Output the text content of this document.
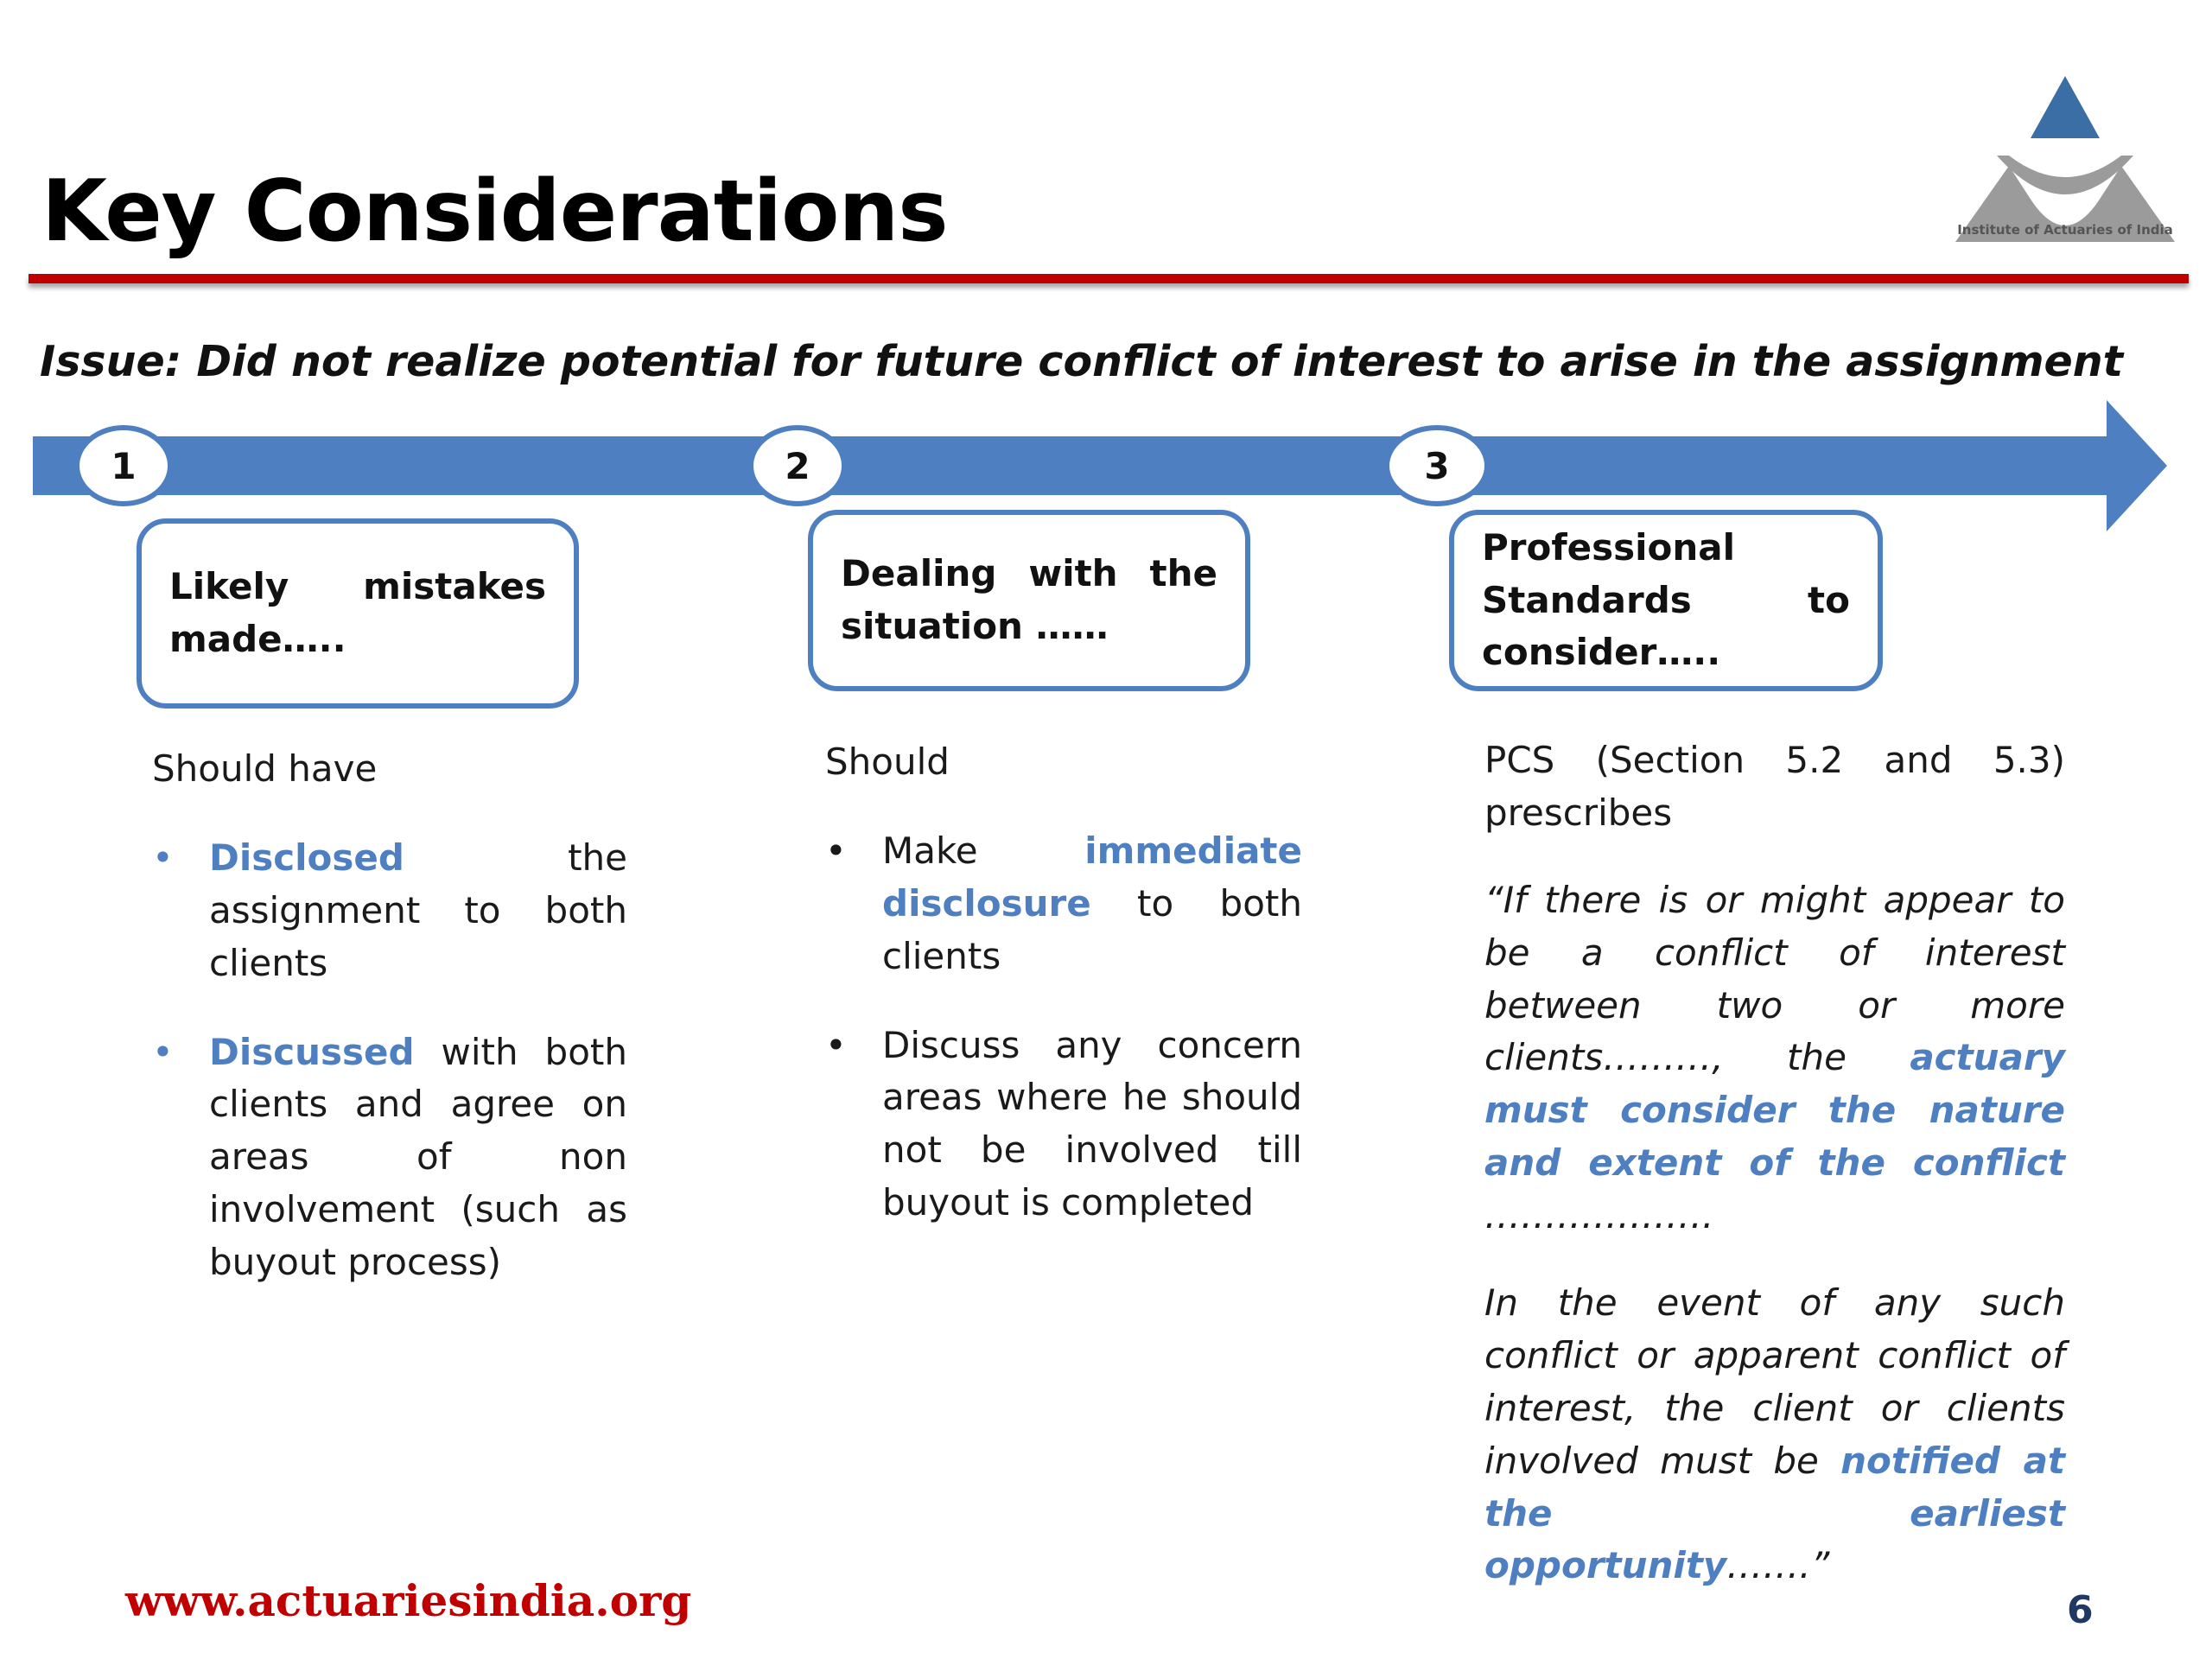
Key Considerations	Institute of Actuaries of India
Issue: Did not realize potential for future conflict of interest to arise in the assignment
1	2	3
Likely mistakes made…..
Dealing with the situation ……
Professional Standards to consider…..
Should have
• Disclosed the assignment to both clients
• Discussed with both clients and agree on areas of non involvement (such as buyout process)
Should
• Make immediate disclosure to both clients
• Discuss any concern areas where he should not be involved till buyout is completed
PCS (Section 5.2 and 5.3) prescribes
“If there is or might appear to be a conflict of interest between two or more clients………, the actuary must consider the nature and extent of the conflict ……………….
In the event of any such conflict or apparent conflict of interest, the client or clients involved must be notified at the earliest opportunity…….”
www.actuariesindia.org	6
